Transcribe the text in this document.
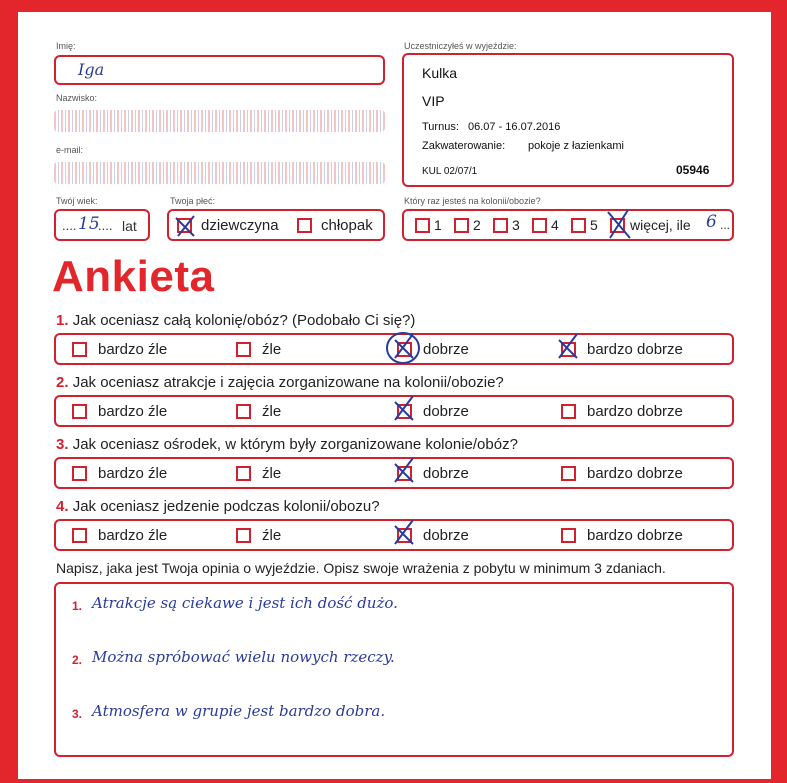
Imię:
Iga
Nazwisko:
e-mail:
Twój wiek:
.... 15
.... lat
Twoja płeć:
dziewczyna	chłopak
Uczestniczyłeś w wyjeździe:
Kulka
VIP
Turnus: 06.07 - 16.07.2016
Zakwaterowanie: pokoje z łazienkami
KUL 02/07/1	05946
Który raz jesteś na kolonii/obozie?
1 2 3 4 5 więcej, ile 6 ...
Ankieta
1. Jak oceniasz całą kolonię/obóz? (Podobało Ci się?)
bardzo źle	źle	dobrze	bardzo dobrze
2. Jak oceniasz atrakcje i zajęcia zorganizowane na kolonii/obozie?
bardzo źle	źle	dobrze	bardzo dobrze
3. Jak oceniasz ośrodek, w którym były zorganizowane kolonie/obóz?
bardzo źle	źle	dobrze	bardzo dobrze
4. Jak oceniasz jedzenie podczas kolonii/obozu?
bardzo źle	źle	dobrze	bardzo dobrze
Napisz, jaka jest Twoja opinia o wyjeździe. Opisz swoje wrażenia z pobytu w minimum 3 zdaniach.
1. Atrakcje są ciekawe i jest ich dość dużo.
2. Można spróbować wielu nowych rzeczy.
3. Atmosfera w grupie jest bardzo dobra.
